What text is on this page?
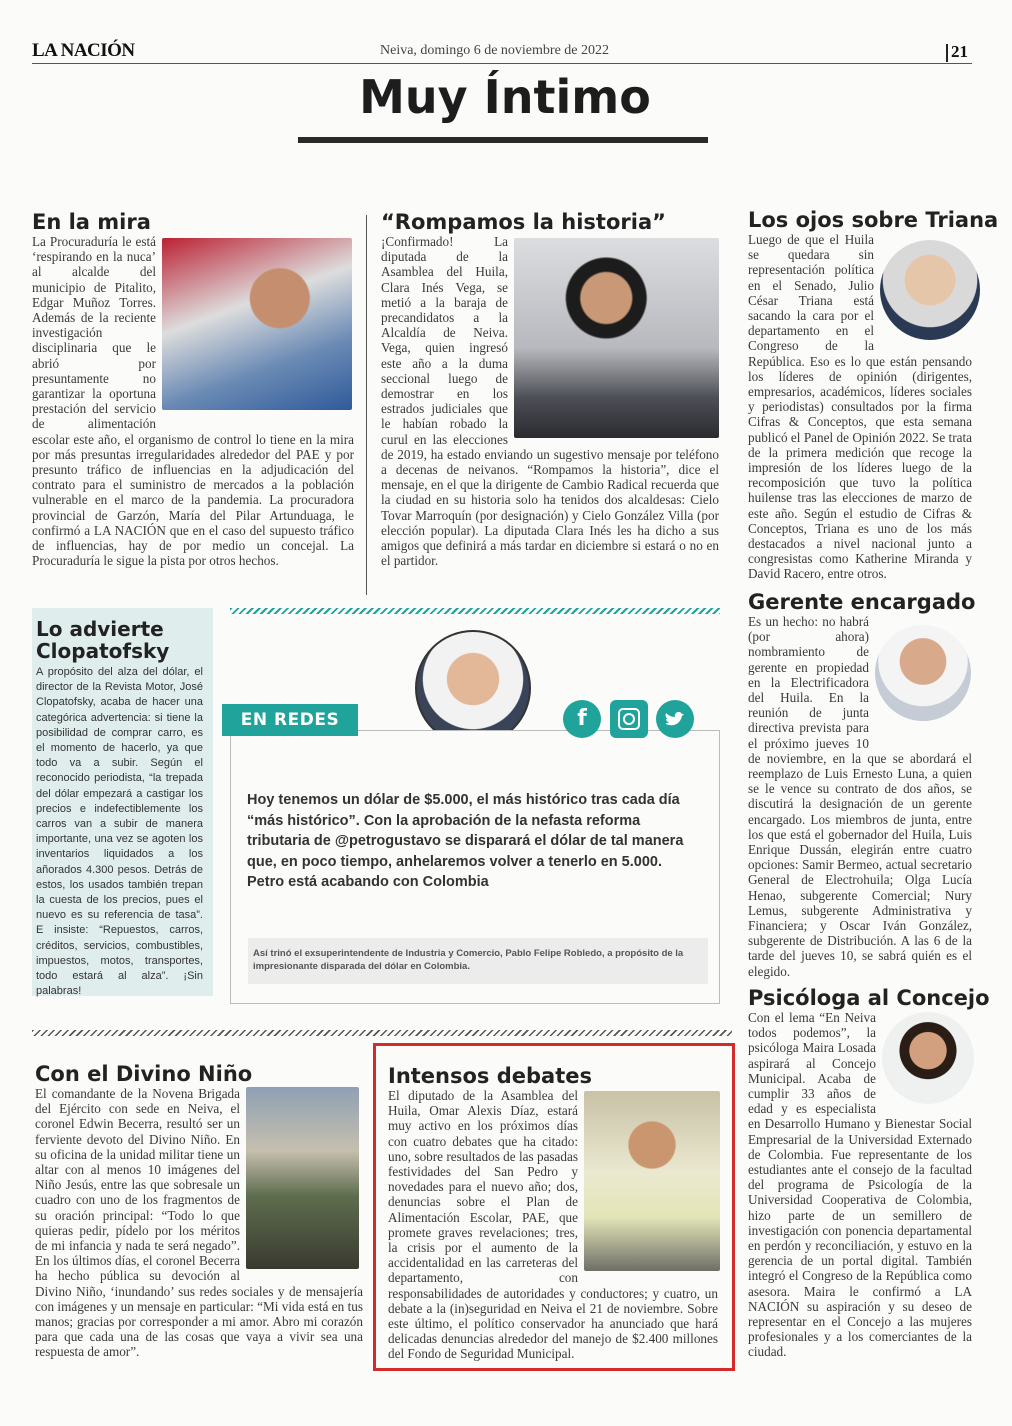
LA NACIÓN	Neiva, domingo 6 de noviembre de 2022	21
Muy Íntimo
En la mira
La Procuraduría le está ‘respirando en la nuca’ al alcalde del municipio de Pitalito, Edgar Muñoz Torres. Además de la reciente investigación disciplinaria que le abrió por presuntamente no garantizar la oportuna prestación del servicio de alimentación escolar este año, el organismo de control lo tiene en la mira por más presuntas irregularidades alrededor del PAE y por presunto tráfico de influencias en la adjudicación del contrato para el suministro de mercados a la población vulnerable en el marco de la pandemia. La procuradora provincial de Garzón, María del Pilar Artunduaga, le confirmó a LA NACIÓN que en el caso del supuesto tráfico de influencias, hay de por medio un concejal. La Procuraduría le sigue la pista por otros hechos.
“Rompamos la historia”
¡Confirmado! La diputada de la Asamblea del Huila, Clara Inés Vega, se metió a la baraja de precandidatos a la Alcaldía de Neiva. Vega, quien ingresó este año a la duma seccional luego de demostrar en los estrados judiciales que le habían robado la curul en las elecciones de 2019, ha estado enviando un sugestivo mensaje por teléfono a decenas de neivanos. “Rompamos la historia”, dice el mensaje, en el que la dirigente de Cambio Radical recuerda que la ciudad en su historia solo ha tenidos dos alcaldesas: Cielo Tovar Marroquín (por designación) y Cielo González Villa (por elección popular). La diputada Clara Inés les ha dicho a sus amigos que definirá a más tardar en diciembre si estará o no en el partidor.
Los ojos sobre Triana
Luego de que el Huila se quedara sin representación política en el Senado, Julio César Triana está sacando la cara por el departamento en el Congreso de la República. Eso es lo que están pensando los líderes de opinión (dirigentes, empresarios, académicos, líderes sociales y periodistas) consultados por la firma Cifras & Conceptos, que esta semana publicó el Panel de Opinión 2022. Se trata de la primera medición que recoge la impresión de los líderes luego de la recomposición que tuvo la política huilense tras las elecciones de marzo de este año. Según el estudio de Cifras & Conceptos, Triana es uno de los más destacados a nivel nacional junto a congresistas como Katherine Miranda y David Racero, entre otros.
Lo advierte Clopatofsky
A propósito del alza del dólar, el director de la Revista Motor, José Clopatofsky, acaba de hacer una categórica advertencia: si tiene la posibilidad de comprar carro, es el momento de hacerlo, ya que todo va a subir. Según el reconocido periodista, “la trepada del dólar empezará a castigar los precios e indefectiblemente los carros van a subir de manera importante, una vez se agoten los inventarios liquidados a los añorados 4.300 pesos. Detrás de estos, los usados también trepan la cuesta de los precios, pues el nuevo es su referencia de tasa”. E insiste: “Repuestos, carros, créditos, servicios, combustibles, impuestos, motos, transportes, todo estará al alza”. ¡Sin palabras!
EN REDES	f
Hoy tenemos un dólar de $5.000, el más histórico tras cada día “más histórico”. Con la aprobación de la nefasta reforma tributaria de @petrogustavo se disparará el dólar de tal manera que, en poco tiempo, anhelaremos volver a tenerlo en 5.000. Petro está acabando con Colombia
Así trinó el exsuperintendente de Industria y Comercio, Pablo Felipe Robledo, a propósito de la impresionante disparada del dólar en Colombia.
Gerente encargado
Es un hecho: no habrá (por ahora) nombramiento de gerente en propiedad en la Electrificadora del Huila. En la reunión de junta directiva prevista para el próximo jueves 10 de noviembre, en la que se abordará el reemplazo de Luis Ernesto Luna, a quien se le vence su contrato de dos años, se discutirá la designación de un gerente encargado. Los miembros de junta, entre los que está el gobernador del Huila, Luis Enrique Dussán, elegirán entre cuatro opciones: Samir Bermeo, actual secretario General de Electrohuila; Olga Lucía Henao, subgerente Comercial; Nury Lemus, subgerente Administrativa y Financiera; y Oscar Iván González, subgerente de Distribución. A las 6 de la tarde del jueves 10, se sabrá quién es el elegido.
Psicóloga al Concejo
Con el lema “En Neiva todos podemos”, la psicóloga Maira Losada aspirará al Concejo Municipal. Acaba de cumplir 33 años de edad y es especialista en Desarrollo Humano y Bienestar Social Empresarial de la Universidad Externado de Colombia. Fue representante de los estudiantes ante el consejo de la facultad del programa de Psicología de la Universidad Cooperativa de Colombia, hizo parte de un semillero de investigación con ponencia departamental en perdón y reconciliación, y estuvo en la gerencia de un portal digital. También integró el Congreso de la República como asesora. Maira le confirmó a LA NACIÓN su aspiración y su deseo de representar en el Concejo a las mujeres profesionales y a los comerciantes de la ciudad.
Con el Divino Niño
El comandante de la Novena Brigada del Ejército con sede en Neiva, el coronel Edwin Becerra, resultó ser un ferviente devoto del Divino Niño. En su oficina de la unidad militar tiene un altar con al menos 10 imágenes del Niño Jesús, entre las que sobresale un cuadro con uno de los fragmentos de su oración principal: “Todo lo que quieras pedir, pídelo por los méritos de mi infancia y nada te será negado”. En los últimos días, el coronel Becerra ha hecho pública su devoción al Divino Niño, ‘inundando’ sus redes sociales y de mensajería con imágenes y un mensaje en particular: “Mi vida está en tus manos; gracias por corresponder a mi amor. Abro mi corazón para que cada una de las cosas que vaya a vivir sea una respuesta de amor”.
Intensos debates
El diputado de la Asamblea del Huila, Omar Alexis Díaz, estará muy activo en los próximos días con cuatro debates que ha citado: uno, sobre resultados de las pasadas festividades del San Pedro y novedades para el nuevo año; dos, denuncias sobre el Plan de Alimentación Escolar, PAE, que promete graves revelaciones; tres, la crisis por el aumento de la accidentalidad en las carreteras del departamento, con responsabilidades de autoridades y conductores; y cuatro, un debate a la (in)seguridad en Neiva el 21 de noviembre. Sobre este último, el político conservador ha anunciado que hará delicadas denuncias alrededor del manejo de $2.400 millones del Fondo de Seguridad Municipal.
